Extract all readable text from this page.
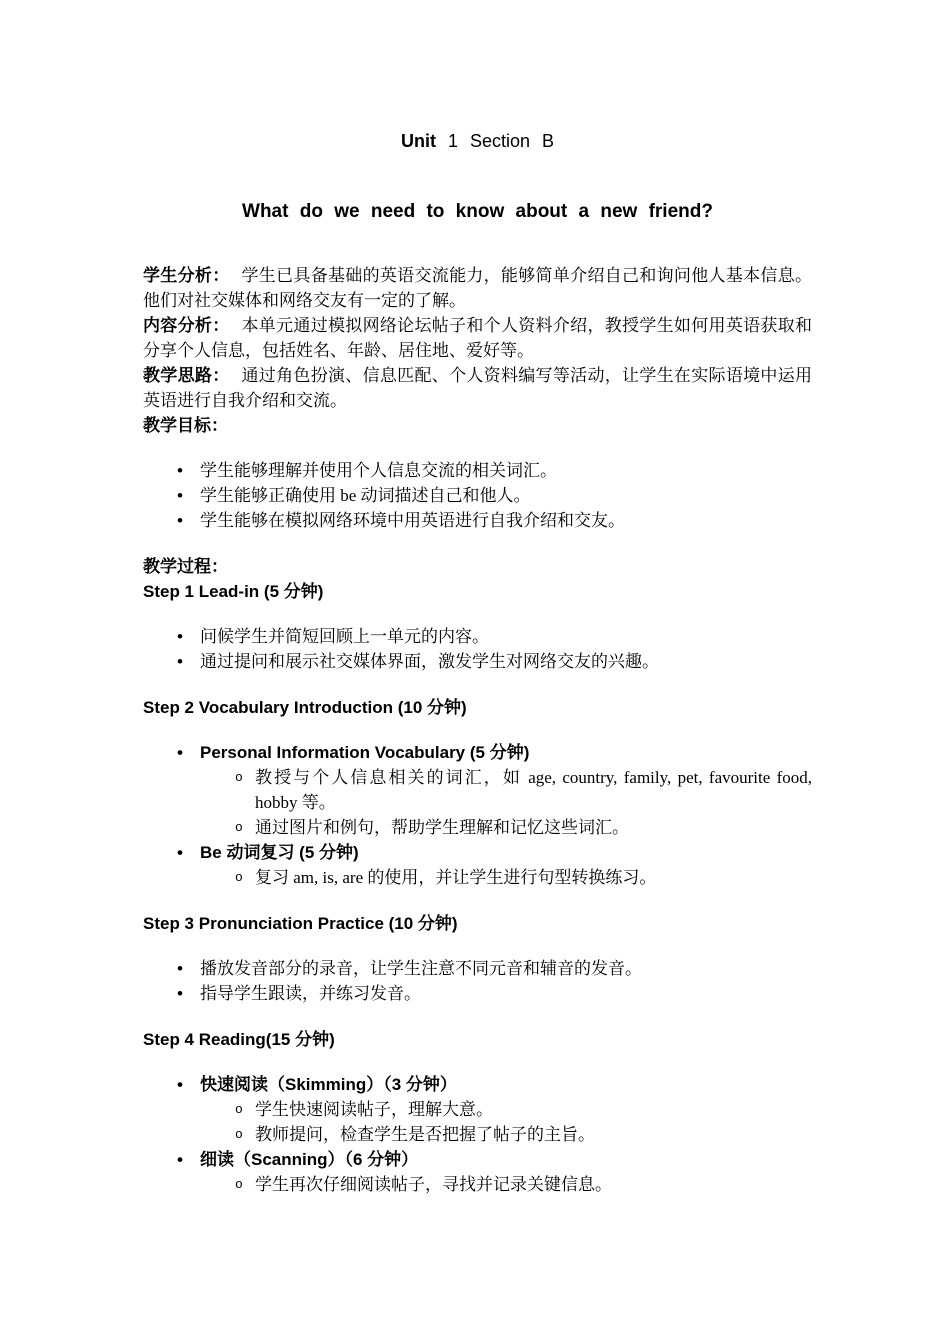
Unit 1 Section B
What do we need to know about a new friend?

学生分析： 学生已具备基础的英语交流能力，能够简单介绍自己和询问他人基本信息。他们对社交媒体和网络交友有一定的了解。

内容分析： 本单元通过模拟网络论坛帖子和个人资料介绍，教授学生如何用英语获取和分享个人信息，包括姓名、年龄、居住地、爱好等。

教学思路： 通过角色扮演、信息匹配、个人资料编写等活动，让学生在实际语境中运用英语进行自我介绍和交流。

教学目标：

• 学生能够理解并使用个人信息交流的相关词汇。
• 学生能够正确使用 be 动词描述自己和他人。
• 学生能够在模拟网络环境中用英语进行自我介绍和交友。
教学过程：
Step 1 Lead-in (5 分钟)
• 问候学生并简短回顾上一单元的内容。
• 通过提问和展示社交媒体界面，激发学生对网络交友的兴趣。
Step 2 Vocabulary Introduction (10 分钟)
• Personal Information Vocabulary (5 分钟)
o 教授与个人信息相关的词汇，如 age, country, family, pet, favourite food, hobby 等。
o 通过图片和例句，帮助学生理解和记忆这些词汇。
• Be 动词复习 (5 分钟)
o 复习 am, is, are 的使用，并让学生进行句型转换练习。
Step 3 Pronunciation Practice (10 分钟)
• 播放发音部分的录音，让学生注意不同元音和辅音的发音。
• 指导学生跟读，并练习发音。
Step 4 Reading(15 分钟)
• 快速阅读（Skimming）（3 分钟）
o 学生快速阅读帖子，理解大意。
o 教师提问，检查学生是否把握了帖子的主旨。
• 细读（Scanning）（6 分钟）
o 学生再次仔细阅读帖子，寻找并记录关键信息。
